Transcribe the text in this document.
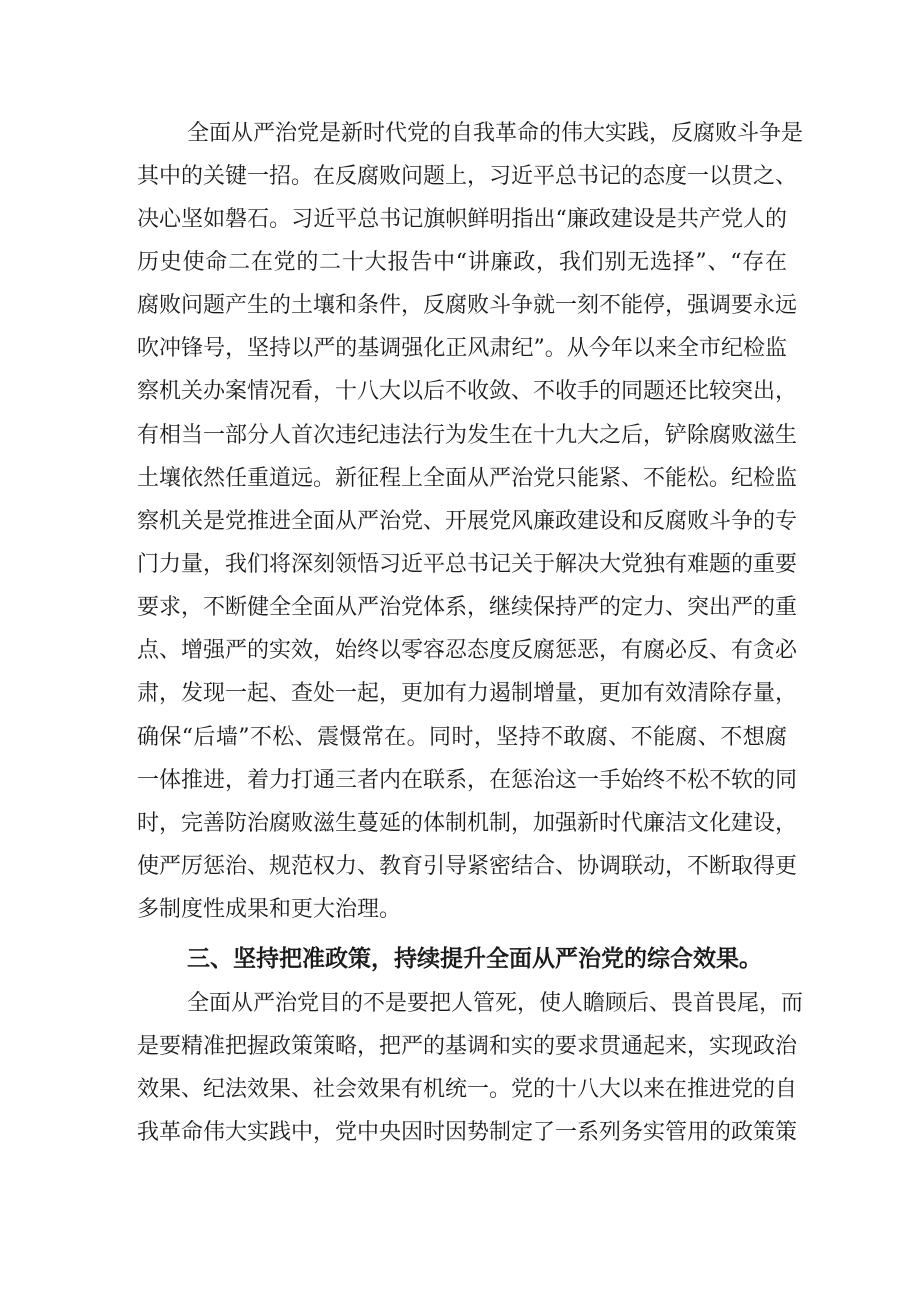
全面从严治党是新时代党的自我革命的伟大实践，反腐败斗争是
其中的关键一招。在反腐败问题上，习近平总书记的态度一以贯之、
决心坚如磐石。习近平总书记旗帜鲜明指出“廉政建设是共产党人的
历史使命二在党的二十大报告中“讲廉政，我们别无选择”、“存在
腐败问题产生的土壤和条件，反腐败斗争就一刻不能停，强调要永远
吹冲锋号，坚持以严的基调强化正风肃纪”。从今年以来全市纪检监
察机关办案情况看，十八大以后不收敛、不收手的同题还比较突出，
有相当一部分人首次违纪违法行为发生在十九大之后，铲除腐败滋生
土壤依然任重道远。新征程上全面从严治党只能紧、不能松。纪检监
察机关是党推进全面从严治党、开展党风廉政建设和反腐败斗争的专
门力量，我们将深刻领悟习近平总书记关于解决大党独有难题的重要
要求，不断健全全面从严治党体系，继续保持严的定力、突出严的重
点、增强严的实效，始终以零容忍态度反腐惩恶，有腐必反、有贪必
肃，发现一起、查处一起，更加有力遏制增量，更加有效清除存量，
确保“后墙”不松、震慑常在。同时，坚持不敢腐、不能腐、不想腐
一体推进，着力打通三者内在联系，在惩治这一手始终不松不软的同
时，完善防治腐败滋生蔓延的体制机制，加强新时代廉洁文化建设，
使严厉惩治、规范权力、教育引导紧密结合、协调联动，不断取得更
多制度性成果和更大治理。
三、坚持把准政策，持续提升全面从严治党的综合效果。
全面从严治党目的不是要把人管死，使人瞻顾后、畏首畏尾，而
是要精准把握政策策略，把严的基调和实的要求贯通起来，实现政治
效果、纪法效果、社会效果有机统一。党的十八大以来在推进党的自
我革命伟大实践中，党中央因时因势制定了一系列务实管用的政策策
